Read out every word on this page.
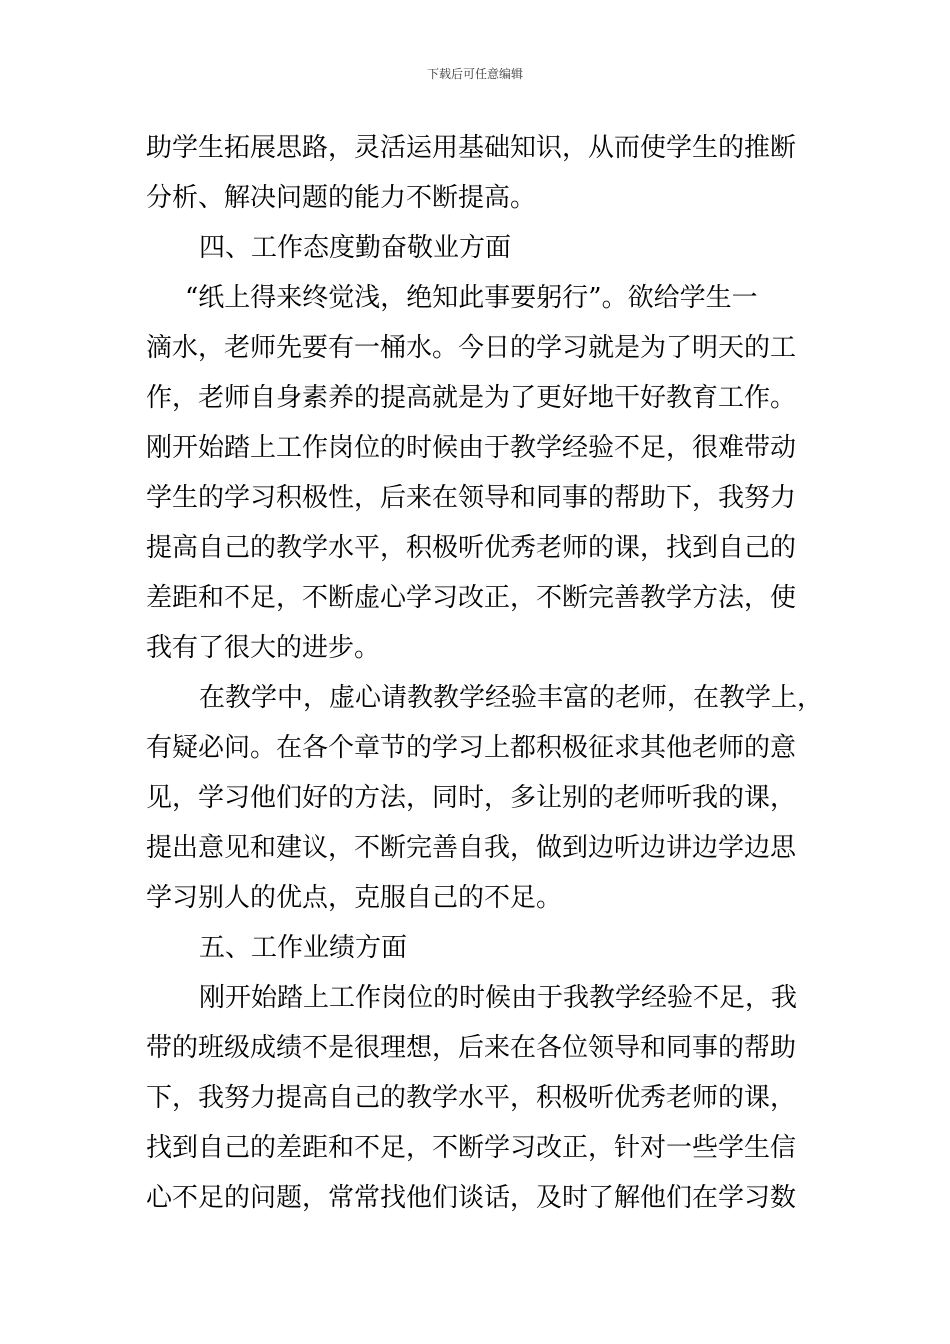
下载后可任意编辑
助学生拓展思路，灵活运用基础知识，从而使学生的推断
分析、解决问题的能力不断提高。
四、工作态度勤奋敬业方面
“纸上得来终觉浅，绝知此事要躬行”。欲给学生一
滴水，老师先要有一桶水。今日的学习就是为了明天的工
作，老师自身素养的提高就是为了更好地干好教育工作。
刚开始踏上工作岗位的时候由于教学经验不足，很难带动
学生的学习积极性，后来在领导和同事的帮助下，我努力
提高自己的教学水平，积极听优秀老师的课，找到自己的
差距和不足，不断虚心学习改正，不断完善教学方法，使
我有了很大的进步。
在教学中，虚心请教教学经验丰富的老师，在教学上，
有疑必问。在各个章节的学习上都积极征求其他老师的意
见，学习他们好的方法，同时，多让别的老师听我的课，
提出意见和建议，不断完善自我，做到边听边讲边学边思
学习别人的优点，克服自己的不足。
五、工作业绩方面
刚开始踏上工作岗位的时候由于我教学经验不足，我
带的班级成绩不是很理想，后来在各位领导和同事的帮助
下，我努力提高自己的教学水平，积极听优秀老师的课，
找到自己的差距和不足，不断学习改正，针对一些学生信
心不足的问题，常常找他们谈话，及时了解他们在学习数
